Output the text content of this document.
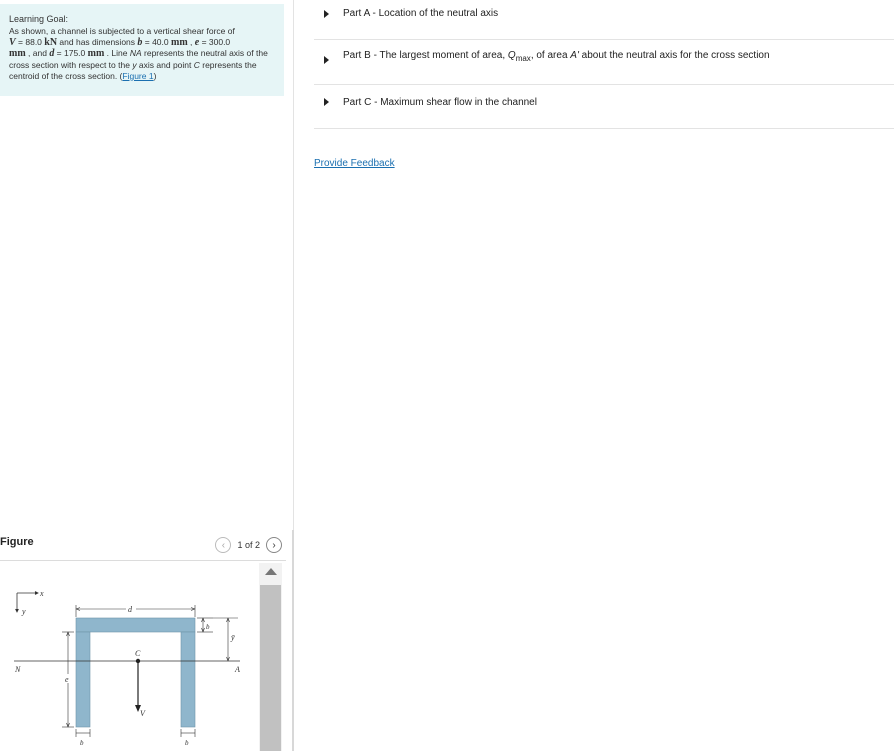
Learning Goal:
As shown, a channel is subjected to a vertical shear force of
V = 88.0 kN and has dimensions b = 40.0 mm , e = 300.0
mm , and d = 175.0 mm . Line NA represents the neutral axis of the cross section with respect to the y axis and point C represents the centroid of the cross section. (Figure 1)
Figure	‹	1 of 2	›
x
y	d
b
ȳ
N	A
C
V
e
b	b
Part A - Location of the neutral axis
Part B - The largest moment of area, $Q_{max}$, of area A' about the neutral axis for the cross section
Part C - Maximum shear flow in the channel
Provide Feedback
